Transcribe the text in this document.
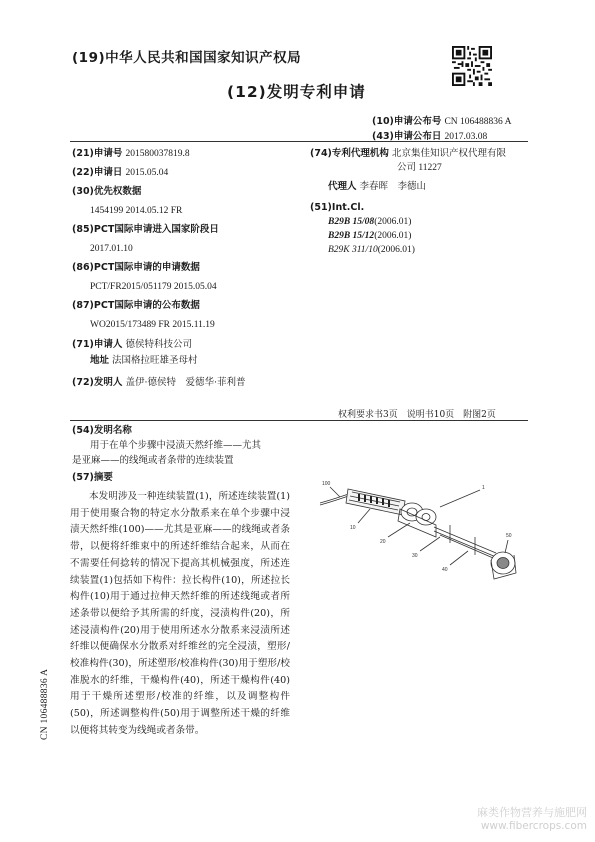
(19)中华人民共和国国家知识产权局
(12)发明专利申请
(10)申请公布号 CN 106488836 A
(43)申请公布日 2017.03.08
(21)申请号 201580037819.8
(22)申请日 2015.05.04
(30)优先权数据
1454199 2014.05.12 FR
(85)PCT国际申请进入国家阶段日
2017.01.10
(86)PCT国际申请的申请数据
PCT/FR2015/051179 2015.05.04
(87)PCT国际申请的公布数据
WO2015/173489 FR 2015.11.19
(71)申请人 德侯特科技公司
地址 法国格拉旺雄圣母村
(72)发明人 盖伊·德侯特　爱德华·菲利普
(74)专利代理机构 北京集佳知识产权代理有限
公司 11227
代理人 李春晖　李德山
(51)Int.Cl.
B29B 15/08(2006.01)
B29B 15/12(2006.01)
B29K 311/10(2006.01)
权利要求书3页　说明书10页　附图2页
(54)发明名称
用于在单个步骤中浸渍天然纤维——尤其
是亚麻——的线绳或者条带的连续装置
(57)摘要
本发明涉及一种连续装置(1)，所述连续装置(1)用于使用聚合物的特定水分散系来在单个步骤中浸渍天然纤维(100)——尤其是亚麻——的线绳或者条带，以便将纤维束中的所述纤维结合起来，从而在不需要任何捻转的情况下提高其机械强度，所述连续装置(1)包括如下构件：拉长构件(10)，所述拉长构件(10)用于通过拉伸天然纤维的所述线绳或者所述条带以便给予其所需的纤度，浸渍构件(20)，所述浸渍构件(20)用于使用所述水分散系来浸渍所述纤维以便确保水分散系对纤维丝的完全浸渍，塑形/校准构件(30)，所述塑形/校准构件(30)用于塑形/校准脱水的纤维，干燥构件(40)，所述干燥构件(40)用于干燥所述塑形/校准的纤维，以及调整构件(50)，所述调整构件(50)用于调整所述干燥的纤维以便将其转变为线绳或者条带。
CN 106488836 A
100
1
10
20
30
40
50
麻类作物营养与施肥网
www.fibercrops.com
